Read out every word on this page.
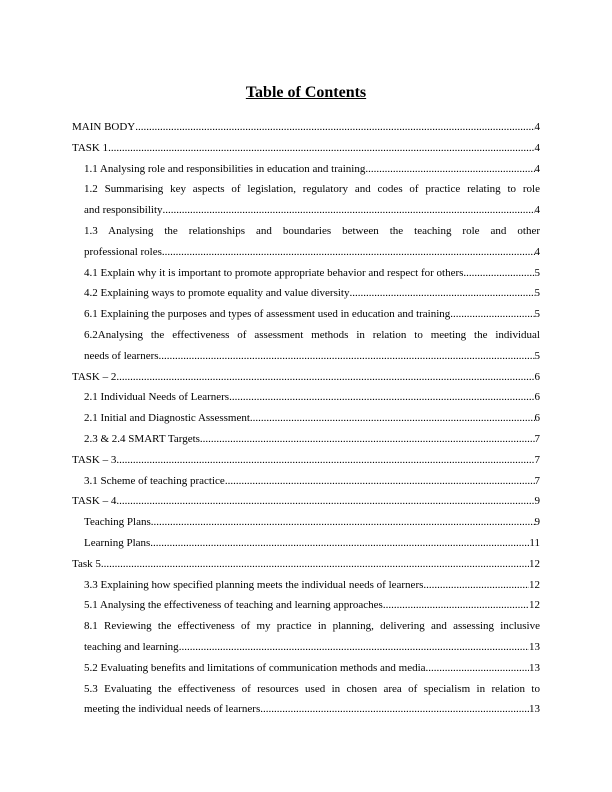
Table of Contents
MAIN BODY .....	4
TASK 1 .....	4
1.1 Analysing role and responsibilities in education and training .....	4
1.2 Summarising key aspects of legislation, regulatory and codes of practice relating to role
and responsibility .....	4
1.3 Analysing the relationships and boundaries between the teaching role and other
professional roles .....	4
4.1 Explain why it is important to promote appropriate behavior and respect for others .....	5
4.2 Explaining ways to promote equality and value diversity .....	5
6.1 Explaining the purposes and types of assessment used in education and training .....	5
6.2Analysing the effectiveness of assessment methods in relation to meeting the individual
needs of learners .....	5
TASK – 2 .....	6
2.1 Individual Needs of Learners .....	6
2.1 Initial and Diagnostic Assessment .....	6
2.3 & 2.4 SMART Targets .....	7
TASK – 3 .....	7
3.1 Scheme of teaching practice .....	7
TASK – 4 .....	9
Teaching Plans .....	9
Learning Plans .....	11
Task 5 .....	12
3.3 Explaining how specified planning meets the individual needs of learners .....	12
5.1 Analysing the effectiveness of teaching and learning approaches .....	12
8.1 Reviewing the effectiveness of my practice in planning, delivering and assessing inclusive
teaching and learning .....	13
5.2 Evaluating benefits and limitations of communication methods and media .....	13
5.3 Evaluating the effectiveness of resources used in chosen area of specialism in relation to
meeting the individual needs of learners .....	13
